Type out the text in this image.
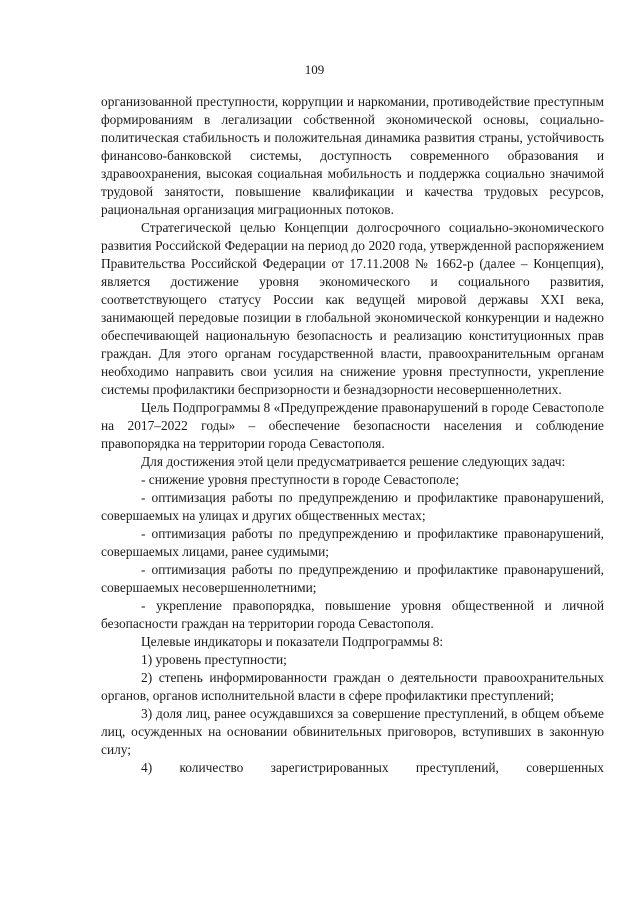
109

организованной преступности, коррупции и наркомании, противодействие преступным формированиям в легализации собственной экономической основы, социально-политическая стабильность и положительная динамика развития страны, устойчивость финансово-банковской системы, доступность современного образования и здравоохранения, высокая социальная мобильность и поддержка социально значимой трудовой занятости, повышение квалификации и качества трудовых ресурсов, рациональная организация миграционных потоков.

Стратегической целью Концепции долгосрочного социально-экономического развития Российской Федерации на период до 2020 года, утвержденной распоряжением Правительства Российской Федерации от 17.11.2008 № 1662-р (далее – Концепция), является достижение уровня экономического и социального развития, соответствующего статусу России как ведущей мировой державы XXI века, занимающей передовые позиции в глобальной экономической конкуренции и надежно обеспечивающей национальную безопасность и реализацию конституционных прав граждан. Для этого органам государственной власти, правоохранительным органам необходимо направить свои усилия на снижение уровня преступности, укрепление системы профилактики беспризорности и безнадзорности несовершеннолетних.

Цель Подпрограммы 8 «Предупреждение правонарушений в городе Севастополе на 2017–2022 годы» – обеспечение безопасности населения и соблюдение правопорядка на территории города Севастополя.

Для достижения этой цели предусматривается решение следующих задач:

- снижение уровня преступности в городе Севастополе;

- оптимизация работы по предупреждению и профилактике правонарушений, совершаемых на улицах и других общественных местах;

- оптимизация работы по предупреждению и профилактике правонарушений, совершаемых лицами, ранее судимыми;

- оптимизация работы по предупреждению и профилактике правонарушений, совершаемых несовершеннолетними;

- укрепление правопорядка, повышение уровня общественной и личной безопасности граждан на территории города Севастополя.

Целевые индикаторы и показатели Подпрограммы 8:

1) уровень преступности;

2) степень информированности граждан о деятельности правоохранительных органов, органов исполнительной власти в сфере профилактики преступлений;

3) доля лиц, ранее осуждавшихся за совершение преступлений, в общем объеме лиц, осужденных на основании обвинительных приговоров, вступивших в законную силу;

4) количество зарегистрированных преступлений, совершенных
